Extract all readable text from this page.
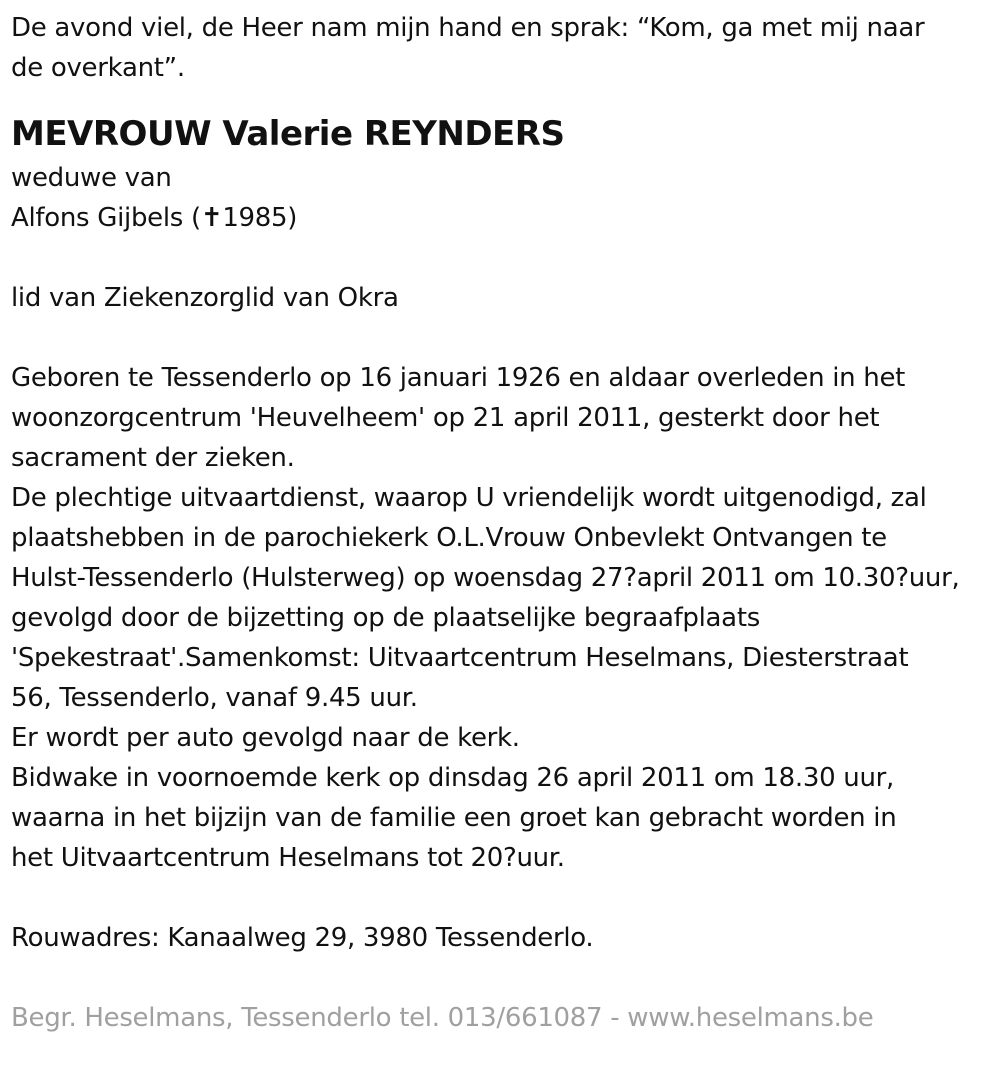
De avond viel, de Heer nam mijn hand en sprak: “Kom, ga met mij naar
de overkant”.
MEVROUW Valerie REYNDERS
weduwe van
Alfons Gijbels (✝1985)
lid van Ziekenzorglid van Okra
Geboren te Tessenderlo op 16 januari 1926 en aldaar overleden in het
woonzorgcentrum 'Heuvelheem' op 21 april 2011, gesterkt door het
sacrament der zieken.
De plechtige uitvaartdienst, waarop U vriendelijk wordt uitgenodigd, zal
plaatshebben in de parochiekerk O.L.Vrouw Onbevlekt Ontvangen te
Hulst-Tessenderlo (Hulsterweg) op woensdag 27?april 2011 om 10.30?uur,
gevolgd door de bijzetting op de plaatselijke begraafplaats
'Spekestraat'.Samenkomst: Uitvaartcentrum Heselmans, Diesterstraat
56, Tessenderlo, vanaf 9.45 uur.
Er wordt per auto gevolgd naar de kerk.
Bidwake in voornoemde kerk op dinsdag 26 april 2011 om 18.30 uur,
waarna in het bijzijn van de familie een groet kan gebracht worden in
het Uitvaartcentrum Heselmans tot 20?uur.
Rouwadres: Kanaalweg 29, 3980 Tessenderlo.
Begr. Heselmans, Tessenderlo tel. 013/661087 - www.heselmans.be
